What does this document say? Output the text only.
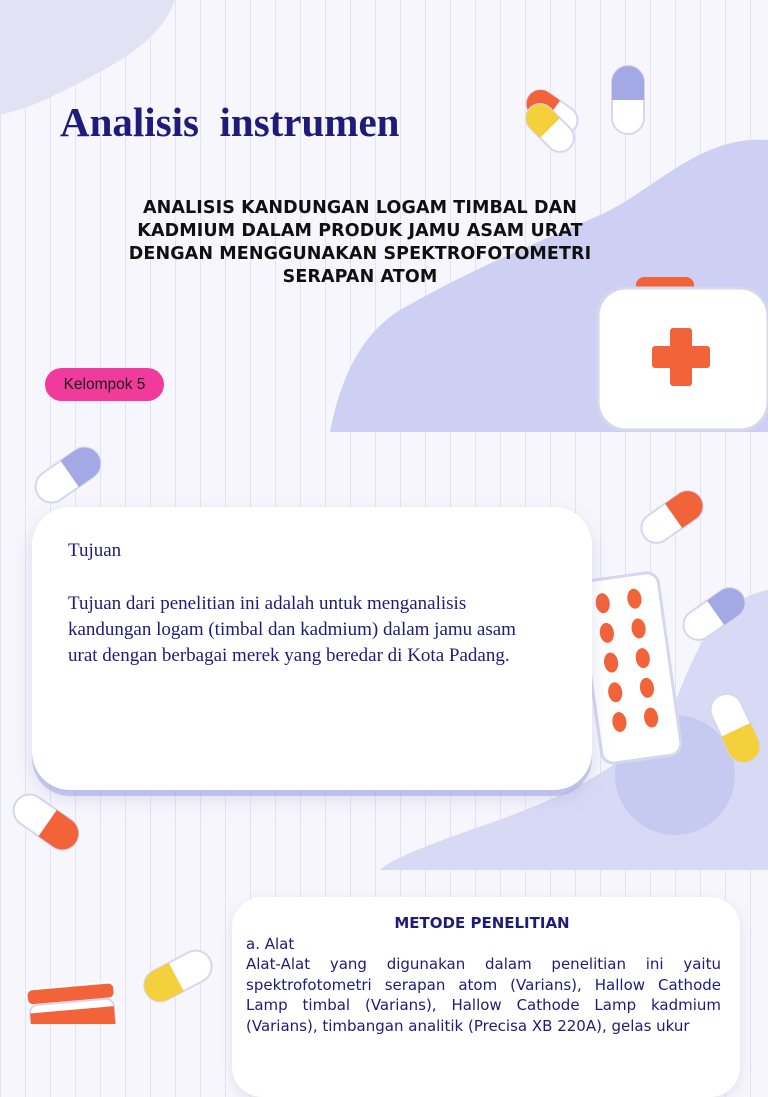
Analisis  instrumen

ANALISIS KANDUNGAN LOGAM TIMBAL DAN KADMIUM DALAM PRODUK JAMU ASAM URAT DENGAN MENGGUNAKAN SPEKTROFOTOMETRI SERAPAN ATOM

Kelompok 5
Tujuan

Tujuan dari penelitian ini adalah untuk menganalisis kandungan logam (timbal dan kadmium) dalam jamu asam urat dengan berbagai merek yang beredar di Kota Padang.

METODE PENELITIAN
a. Alat

Alat-Alat yang digunakan dalam penelitian ini yaitu spektrofotometri serapan atom (Varians), Hallow Cathode Lamp timbal (Varians), Hallow Cathode Lamp kadmium (Varians), timbangan analitik (Precisa XB 220A), gelas ukur
